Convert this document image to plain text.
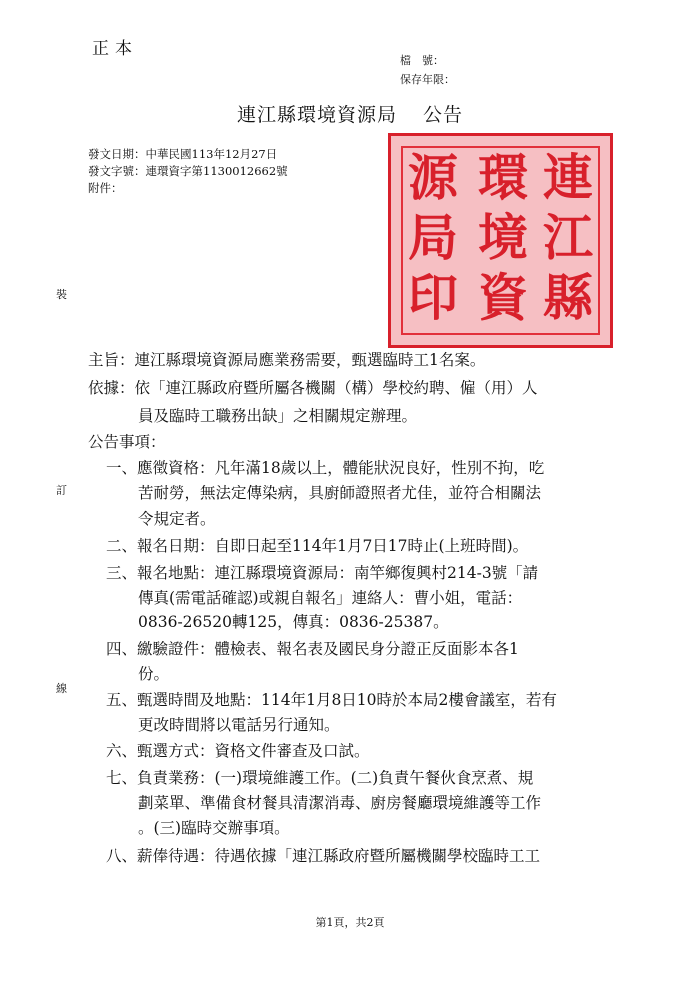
正本
檔　號：
保存年限：
連江縣環境資源局 公告
發文日期：中華民國113年12月27日
發文字號：連環資字第1130012662號
附件：	連
江
縣
環
境
資
源
局
印
裝
訂
線
主旨：連江縣環境資源局應業務需要，甄選臨時工1名案。
依據：依「連江縣政府暨所屬各機關（構）學校約聘、僱（用）人
員及臨時工職務出缺」之相關規定辦理。
公告事項：
一、應徵資格：凡年滿18歲以上，體能狀況良好，性別不拘，吃
苦耐勞，無法定傳染病，具廚師證照者尤佳，並符合相關法
令規定者。
二、報名日期：自即日起至114年1月7日17時止(上班時間)。
三、報名地點：連江縣環境資源局：南竿鄉復興村214-3號「請
傳真(需電話確認)或親自報名」連絡人：曹小姐，電話：
0836-26520轉125，傳真：0836-25387。
四、繳驗證件：體檢表、報名表及國民身分證正反面影本各1
份。
五、甄選時間及地點：114年1月8日10時於本局2樓會議室，若有
更改時間將以電話另行通知。
六、甄選方式：資格文件審查及口試。
七、負責業務：(一)環境維護工作。(二)負責午餐伙食烹煮、規
劃菜單、準備食材餐具清潔消毒、廚房餐廳環境維護等工作
。(三)臨時交辦事項。
八、薪俸待遇：待遇依據「連江縣政府暨所屬機關學校臨時工工
第1頁，共2頁
